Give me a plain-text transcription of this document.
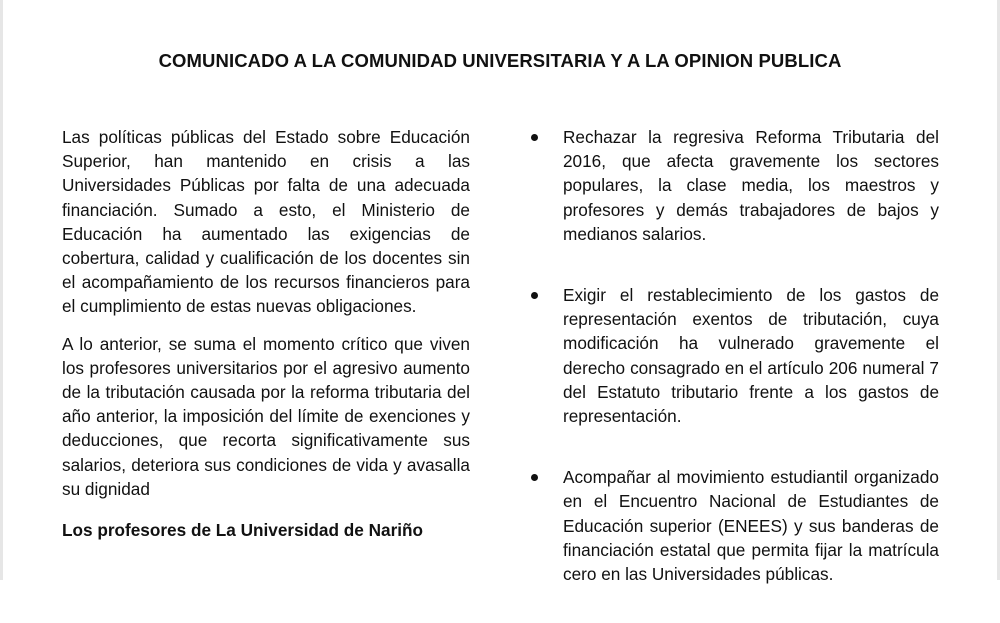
COMUNICADO A LA COMUNIDAD UNIVERSITARIA Y A LA OPINION PUBLICA

Las políticas públicas del Estado sobre Educación Superior, han mantenido en crisis a las Universidades Públicas por falta de una adecuada financiación. Sumado a esto, el Ministerio de Educación ha aumentado las exigencias de cobertura, calidad y cualificación de los docentes sin el acompañamiento de los recursos financieros para el cumplimiento de estas nuevas obligaciones.

A lo anterior, se suma el momento crítico que viven los profesores universitarios por el agresivo aumento de la tributación causada por la reforma tributaria del año anterior, la imposición del límite de exenciones y deducciones, que recorta significativamente sus salarios, deteriora sus condiciones de vida y avasalla su dignidad

Los profesores de La Universidad de Nariño

Rechazar la regresiva Reforma Tributaria del 2016, que afecta gravemente los sectores populares, la clase media, los maestros y profesores y demás trabajadores de bajos y medianos salarios.
Exigir el restablecimiento de los gastos de representación exentos de tributación, cuya modificación ha vulnerado gravemente el derecho consagrado en el artículo 206 numeral 7 del Estatuto tributario frente a los gastos de representación.
Acompañar al movimiento estudiantil organizado en el Encuentro Nacional de Estudiantes de Educación superior (ENEES) y sus banderas de financiación estatal que permita fijar la matrícula cero en las Universidades públicas.
